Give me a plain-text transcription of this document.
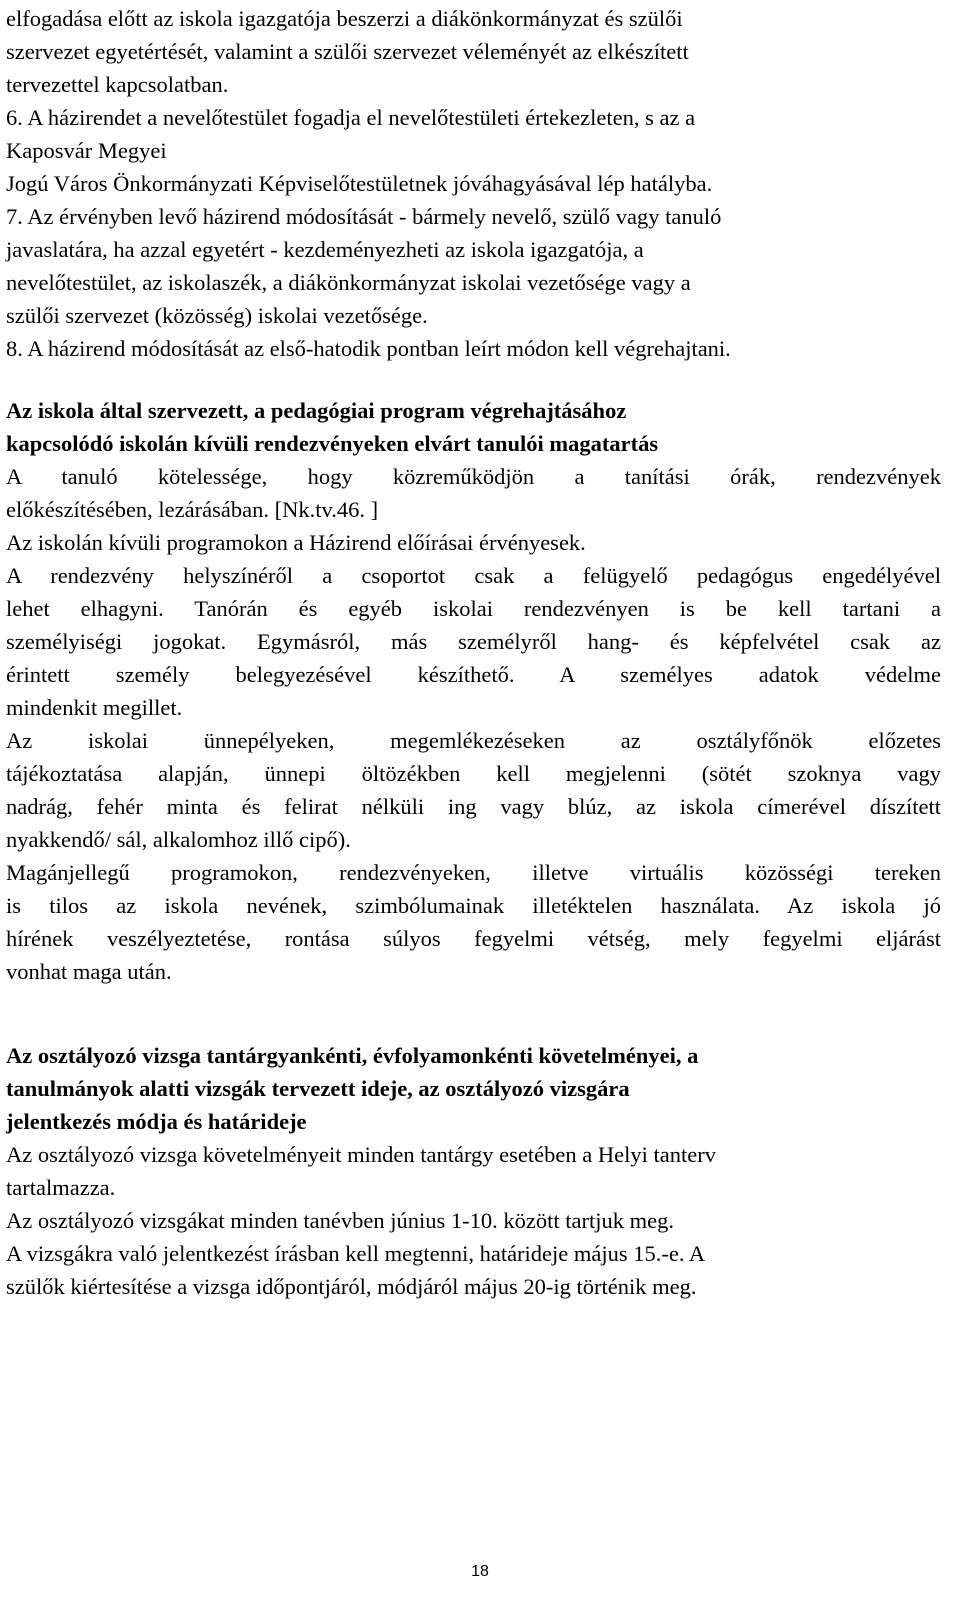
elfogadása előtt az iskola igazgatója beszerzi a diákönkormányzat és szülői
szervezet egyetértését, valamint a szülői szervezet véleményét az elkészített
tervezettel kapcsolatban.
6. A házirendet a nevelőtestület fogadja el nevelőtestületi értekezleten, s az a
Kaposvár Megyei
Jogú Város Önkormányzati Képviselőtestületnek jóváhagyásával lép hatályba.
7. Az érvényben levő házirend módosítását - bármely nevelő, szülő vagy tanuló
javaslatára, ha azzal egyetért - kezdeményezheti az iskola igazgatója, a
nevelőtestület, az iskolaszék, a diákönkormányzat iskolai vezetősége vagy a
szülői szervezet (közösség) iskolai vezetősége.
8. A házirend módosítását az első-hatodik pontban leírt módon kell végrehajtani.
Az iskola által szervezett, a pedagógiai program végrehajtásához
kapcsolódó iskolán kívüli rendezvényeken elvárt tanulói magatartás
A tanuló kötelessége, hogy közreműködjön a tanítási órák, rendezvények
előkészítésében, lezárásában. [Nk.tv.46. ]
Az iskolán kívüli programokon a Házirend előírásai érvényesek.
A rendezvény helyszínéről a csoportot csak a felügyelő pedagógus engedélyével
lehet elhagyni. Tanórán és egyéb iskolai rendezvényen is be kell tartani a
személyiségi jogokat. Egymásról, más személyről hang- és képfelvétel csak az
érintett személy belegyezésével készíthető. A személyes adatok védelme
mindenkit megillet.
Az iskolai ünnepélyeken, megemlékezéseken az osztályfőnök előzetes
tájékoztatása alapján, ünnepi öltözékben kell megjelenni (sötét szoknya vagy
nadrág, fehér minta és felirat nélküli ing vagy blúz, az iskola címerével díszített
nyakkendő/ sál, alkalomhoz illő cipő).
Magánjellegű programokon, rendezvényeken, illetve virtuális közösségi tereken
is tilos az iskola nevének, szimbólumainak illetéktelen használata. Az iskola jó
hírének veszélyeztetése, rontása súlyos fegyelmi vétség, mely fegyelmi eljárást
vonhat maga után.
Az osztályozó vizsga tantárgyankénti, évfolyamonkénti követelményei, a
tanulmányok alatti vizsgák tervezett ideje, az osztályozó vizsgára
jelentkezés módja és határideje
Az osztályozó vizsga követelményeit minden tantárgy esetében a Helyi tanterv
tartalmazza.
Az osztályozó vizsgákat minden tanévben június 1-10. között tartjuk meg.
A vizsgákra való jelentkezést írásban kell megtenni, határideje május 15.-e. A
szülők kiértesítése a vizsga időpontjáról, módjáról május 20-ig történik meg.
18
